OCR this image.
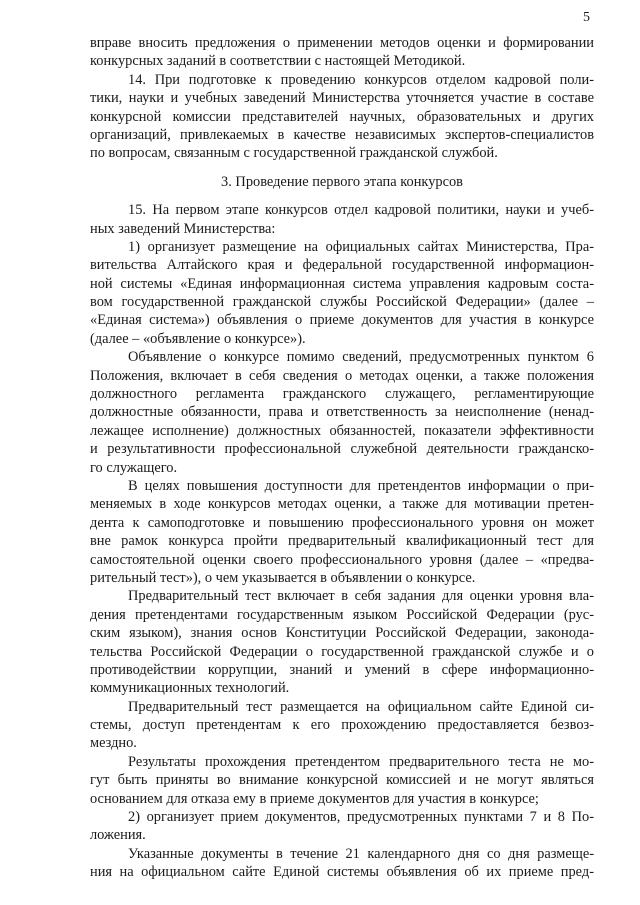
5
вправе вносить предложения о применении методов оценки и формировании
конкурсных заданий в соответствии с настоящей Методикой.
14. При подготовке к проведению конкурсов отделом кадровой поли-
тики, науки и учебных заведений Министерства уточняется участие в составе
конкурсной комиссии представителей научных, образовательных и других
организаций, привлекаемых в качестве независимых экспертов-специалистов
по вопросам, связанным с государственной гражданской службой.
3. Проведение первого этапа конкурсов
15. На первом этапе конкурсов отдел кадровой политики, науки и учеб-
ных заведений Министерства:
1) организует размещение на официальных сайтах Министерства, Пра-
вительства Алтайского края и федеральной государственной информацион-
ной системы «Единая информационная система управления кадровым соста-
вом государственной гражданской службы Российской Федерации» (далее –
«Единая система») объявления о приеме документов для участия в конкурсе
(далее – «объявление о конкурсе»).
Объявление о конкурсе помимо сведений, предусмотренных пунктом 6
Положения, включает в себя сведения о методах оценки, а также положения
должностного регламента гражданского служащего, регламентирующие
должностные обязанности, права и ответственность за неисполнение (ненад-
лежащее исполнение) должностных обязанностей, показатели эффективности
и результативности профессиональной служебной деятельности гражданско-
го служащего.
В целях повышения доступности для претендентов информации о при-
меняемых в ходе конкурсов методах оценки, а также для мотивации претен-
дента к самоподготовке и повышению профессионального уровня он может
вне рамок конкурса пройти предварительный квалификационный тест для
самостоятельной оценки своего профессионального уровня (далее – «предва-
рительный тест»), о чем указывается в объявлении о конкурсе.
Предварительный тест включает в себя задания для оценки уровня вла-
дения претендентами государственным языком Российской Федерации (рус-
ским языком), знания основ Конституции Российской Федерации, законода-
тельства Российской Федерации о государственной гражданской службе и о
противодействии коррупции, знаний и умений в сфере информационно-
коммуникационных технологий.
Предварительный тест размещается на официальном сайте Единой си-
стемы, доступ претендентам к его прохождению предоставляется безвоз-
мездно.
Результаты прохождения претендентом предварительного теста не мо-
гут быть приняты во внимание конкурсной комиссией и не могут являться
основанием для отказа ему в приеме документов для участия в конкурсе;
2) организует прием документов, предусмотренных пунктами 7 и 8 По-
ложения.
Указанные документы в течение 21 календарного дня со дня размеще-
ния на официальном сайте Единой системы объявления об их приеме пред-
